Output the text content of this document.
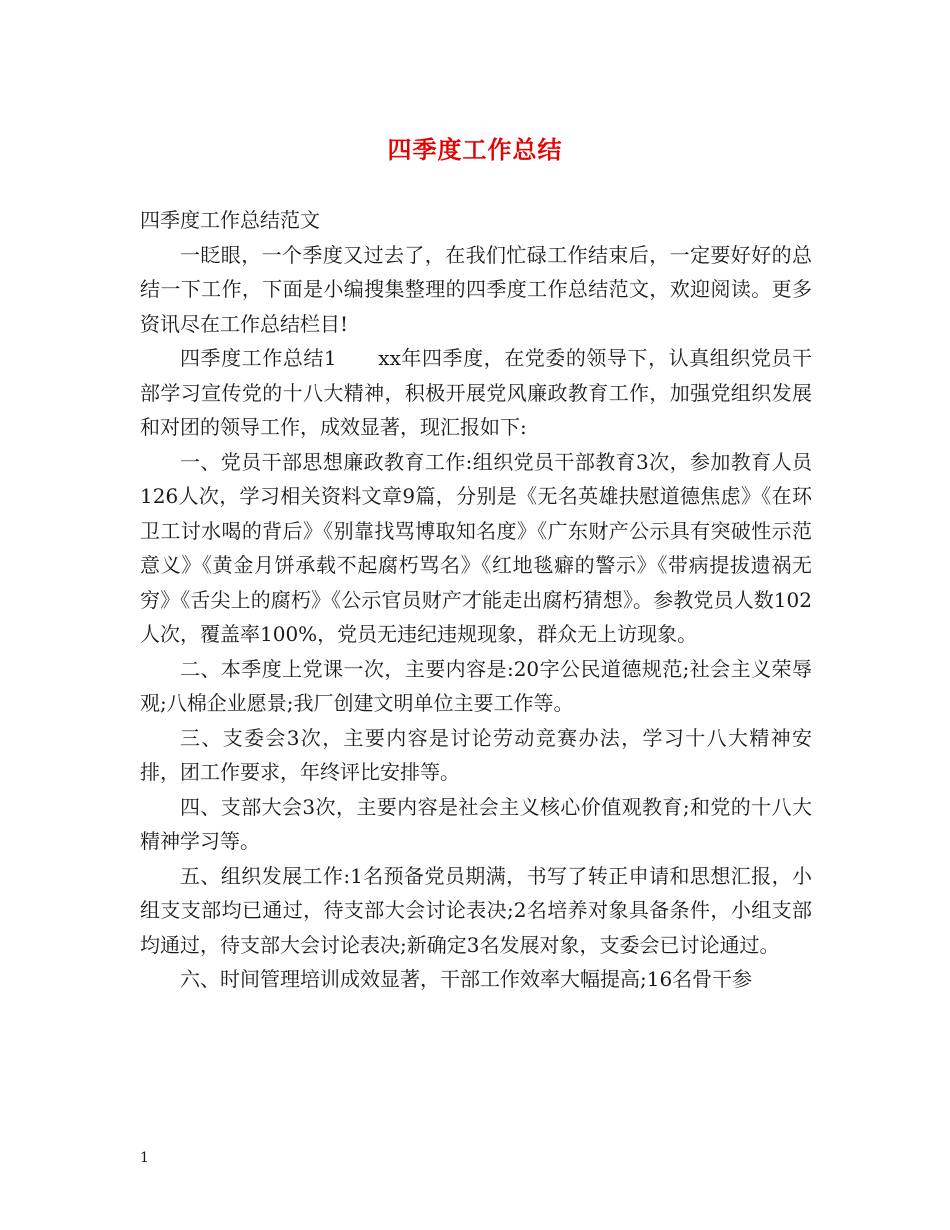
四季度工作总结

四季度工作总结范文

一眨眼，一个季度又过去了，在我们忙碌工作结束后，一定要好好的总结一下工作，下面是小编搜集整理的四季度工作总结范文，欢迎阅读。更多资讯尽在工作总结栏目!

四季度工作总结1　　xx年四季度，在党委的领导下，认真组织党员干部学习宣传党的十八大精神，积极开展党风廉政教育工作，加强党组织发展和对团的领导工作，成效显著，现汇报如下:

一、党员干部思想廉政教育工作:组织党员干部教育3次，参加教育人员126人次，学习相关资料文章9篇，分别是《无名英雄扶慰道德焦虑》《在环卫工讨水喝的背后》《别靠找骂博取知名度》《广东财产公示具有突破性示范意义》《黄金月饼承载不起腐朽骂名》《红地毯癖的警示》《带病提拔遗祸无穷》《舌尖上的腐朽》《公示官员财产才能走出腐朽猜想》。参教党员人数102人次，覆盖率100%，党员无违纪违规现象，群众无上访现象。

二、本季度上党课一次，主要内容是:20字公民道德规范;社会主义荣辱观;八棉企业愿景;我厂创建文明单位主要工作等。

三、支委会3次，主要内容是讨论劳动竞赛办法，学习十八大精神安排，团工作要求，年终评比安排等。

四、支部大会3次，主要内容是社会主义核心价值观教育;和党的十八大精神学习等。

五、组织发展工作:1名预备党员期满，书写了转正申请和思想汇报，小组支支部均已通过，待支部大会讨论表决;2名培养对象具备条件，小组支部均通过，待支部大会讨论表决;新确定3名发展对象，支委会已讨论通过。

六、时间管理培训成效显著，干部工作效率大幅提高;16名骨干参

1
